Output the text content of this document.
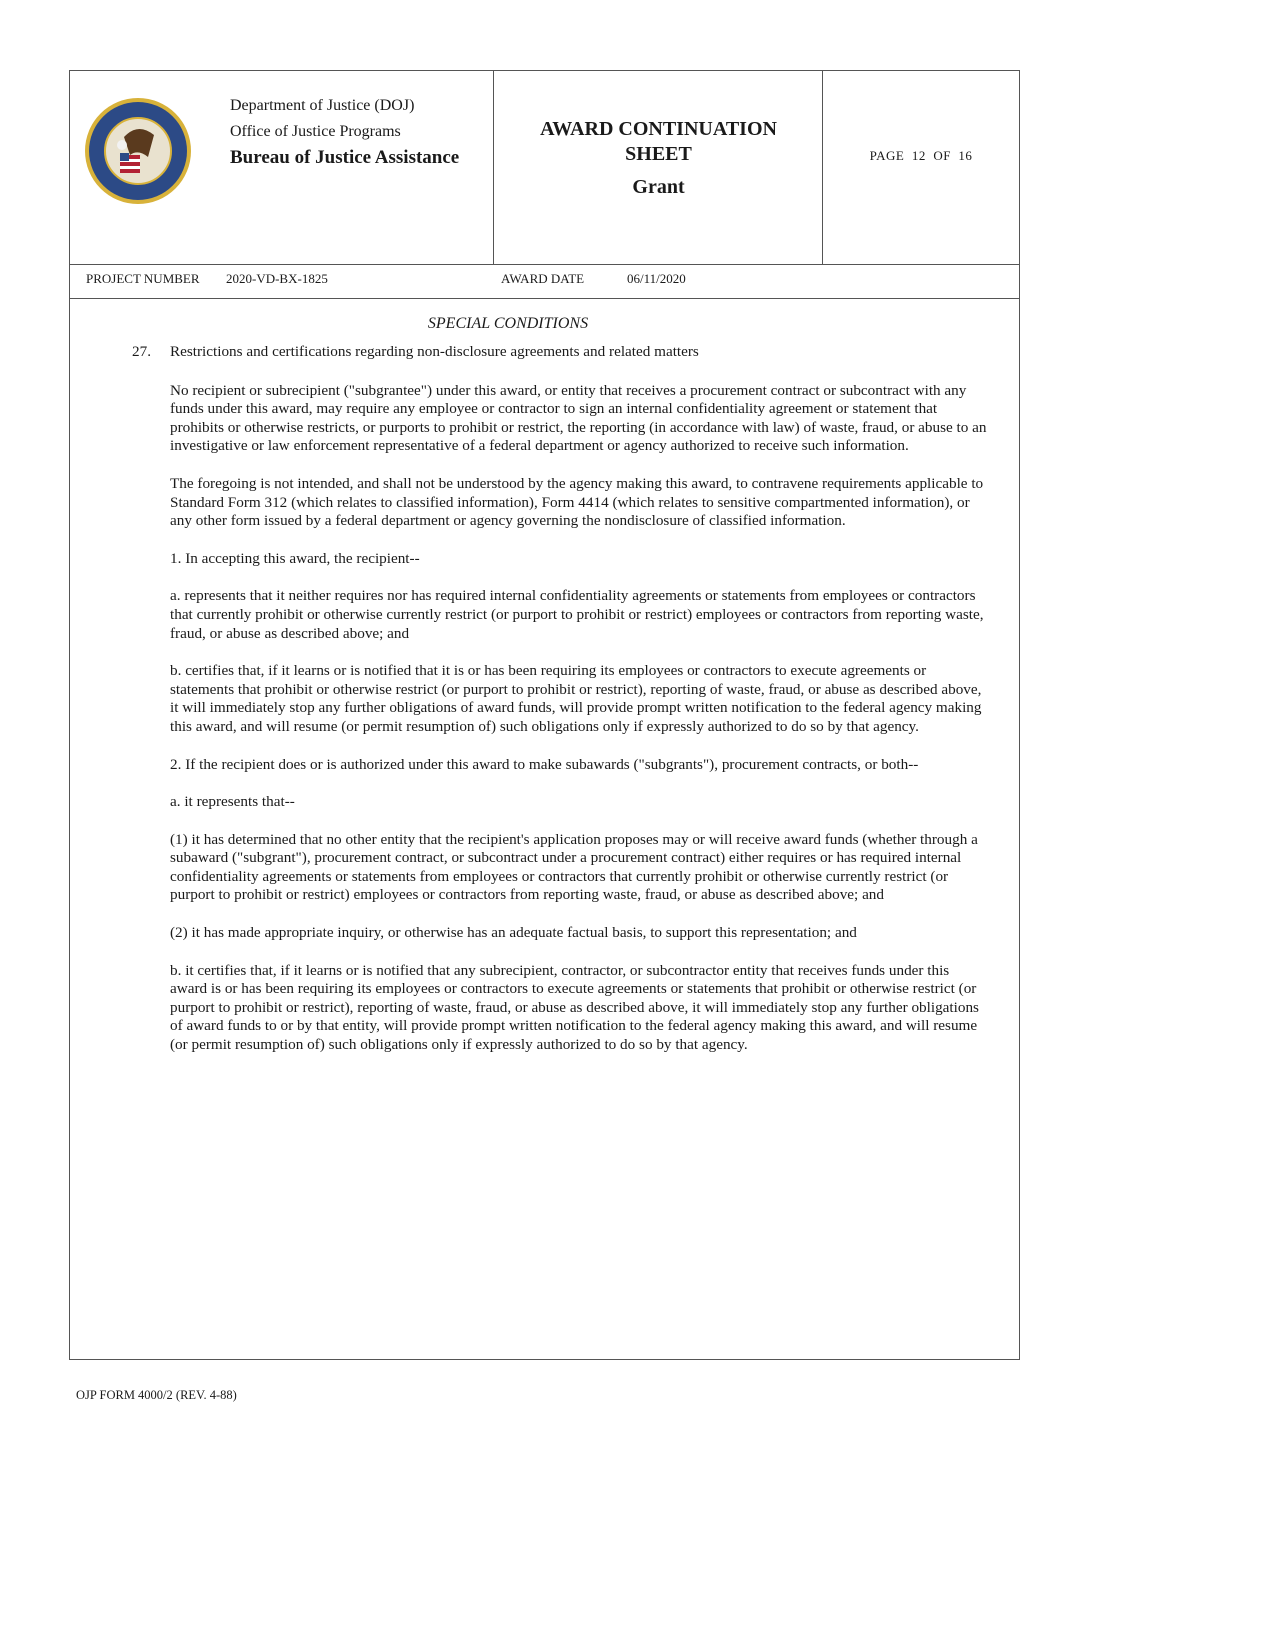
Department of Justice (DOJ)
Office of Justice Programs
Bureau of Justice Assistance
AWARD CONTINUATION
SHEET
Grant
PAGE  12  OF  16
PROJECT NUMBER 2020-VD-BX-1825	AWARD DATE	06/11/2020
SPECIAL CONDITIONS
27. Restrictions and certifications regarding non-disclosure agreements and related matters

No recipient or subrecipient ("subgrantee") under this award, or entity that receives a procurement contract or subcontract with any funds under this award, may require any employee or contractor to sign an internal confidentiality agreement or statement that prohibits or otherwise restricts, or purports to prohibit or restrict, the reporting (in accordance with law) of waste, fraud, or abuse to an investigative or law enforcement representative of a federal department or agency authorized to receive such information.

The foregoing is not intended, and shall not be understood by the agency making this award, to contravene requirements applicable to Standard Form 312 (which relates to classified information), Form 4414 (which relates to sensitive compartmented information), or any other form issued by a federal department or agency governing the nondisclosure of classified information.

1. In accepting this award, the recipient--

a. represents that it neither requires nor has required internal confidentiality agreements or statements from employees or contractors that currently prohibit or otherwise currently restrict (or purport to prohibit or restrict) employees or contractors from reporting waste, fraud, or abuse as described above; and

b. certifies that, if it learns or is notified that it is or has been requiring its employees or contractors to execute agreements or statements that prohibit or otherwise restrict (or purport to prohibit or restrict), reporting of waste, fraud, or abuse as described above, it will immediately stop any further obligations of award funds, will provide prompt written notification to the federal agency making this award, and will resume (or permit resumption of) such obligations only if expressly authorized to do so by that agency.

2. If the recipient does or is authorized under this award to make subawards ("subgrants"), procurement contracts, or both--

a. it represents that--

(1) it has determined that no other entity that the recipient's application proposes may or will receive award funds (whether through a subaward ("subgrant"), procurement contract, or subcontract under a procurement contract) either requires or has required internal confidentiality agreements or statements from employees or contractors that currently prohibit or otherwise currently restrict (or purport to prohibit or restrict) employees or contractors from reporting waste, fraud, or abuse as described above; and

(2) it has made appropriate inquiry, or otherwise has an adequate factual basis, to support this representation; and

b. it certifies that, if it learns or is notified that any subrecipient, contractor, or subcontractor entity that receives funds under this award is or has been requiring its employees or contractors to execute agreements or statements that prohibit or otherwise restrict (or purport to prohibit or restrict), reporting of waste, fraud, or abuse as described above, it will immediately stop any further obligations of award funds to or by that entity, will provide prompt written notification to the federal agency making this award, and will resume (or permit resumption of) such obligations only if expressly authorized to do so by that agency.

OJP FORM 4000/2 (REV. 4-88)
